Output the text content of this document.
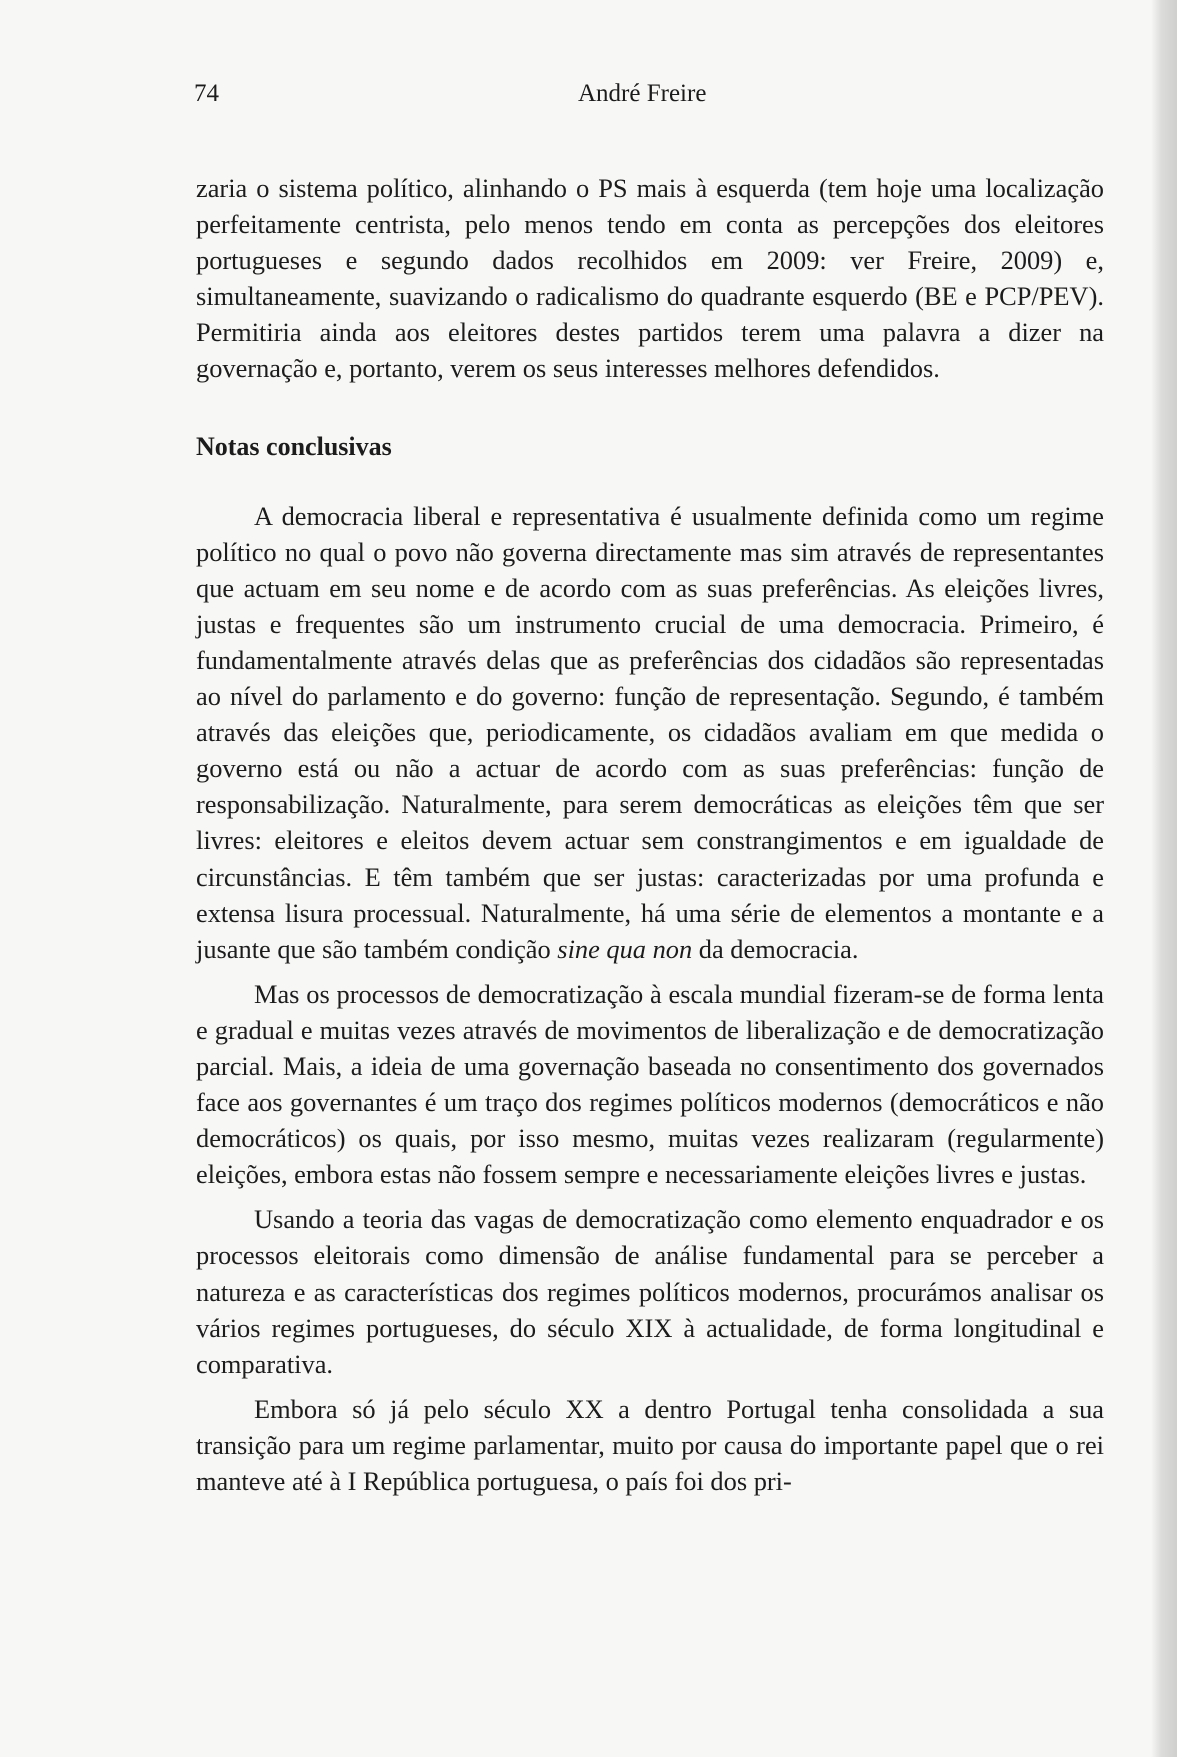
74	André Freire

zaria o sistema político, alinhando o PS mais à esquerda (tem hoje uma localização perfeitamente centrista, pelo menos tendo em conta as percepções dos eleitores portugueses e segundo dados recolhidos em 2009: ver Freire, 2009) e, simultaneamente, suavizando o radicalismo do quadrante esquerdo (BE e PCP/PEV). Permitiria ainda aos eleitores destes partidos terem uma palavra a dizer na governação e, portanto, verem os seus interesses melhores defendidos.

Notas conclusivas

A democracia liberal e representativa é usualmente definida como um regime político no qual o povo não governa directamente mas sim através de representantes que actuam em seu nome e de acordo com as suas preferências. As eleições livres, justas e frequentes são um instrumento crucial de uma democracia. Primeiro, é fundamentalmente através delas que as preferências dos cidadãos são representadas ao nível do parlamento e do governo: função de representação. Segundo, é também através das eleições que, periodicamente, os cidadãos avaliam em que medida o governo está ou não a actuar de acordo com as suas preferências: função de responsabilização. Naturalmente, para serem democráticas as eleições têm que ser livres: eleitores e eleitos devem actuar sem constrangimentos e em igualdade de circunstâncias. E têm também que ser justas: caracterizadas por uma profunda e extensa lisura processual. Naturalmente, há uma série de elementos a montante e a jusante que são também condição sine qua non da democracia.

Mas os processos de democratização à escala mundial fizeram-se de forma lenta e gradual e muitas vezes através de movimentos de liberalização e de democratização parcial. Mais, a ideia de uma governação baseada no consentimento dos governados face aos governantes é um traço dos regimes políticos modernos (democráticos e não democráticos) os quais, por isso mesmo, muitas vezes realizaram (regularmente) eleições, embora estas não fossem sempre e necessariamente eleições livres e justas.

Usando a teoria das vagas de democratização como elemento enquadrador e os processos eleitorais como dimensão de análise fundamental para se perceber a natureza e as características dos regimes políticos modernos, procurámos analisar os vários regimes portugueses, do século XIX à actualidade, de forma longitudinal e comparativa.

Embora só já pelo século XX a dentro Portugal tenha consolidada a sua transição para um regime parlamentar, muito por causa do importante papel que o rei manteve até à I República portuguesa, o país foi dos pri-
